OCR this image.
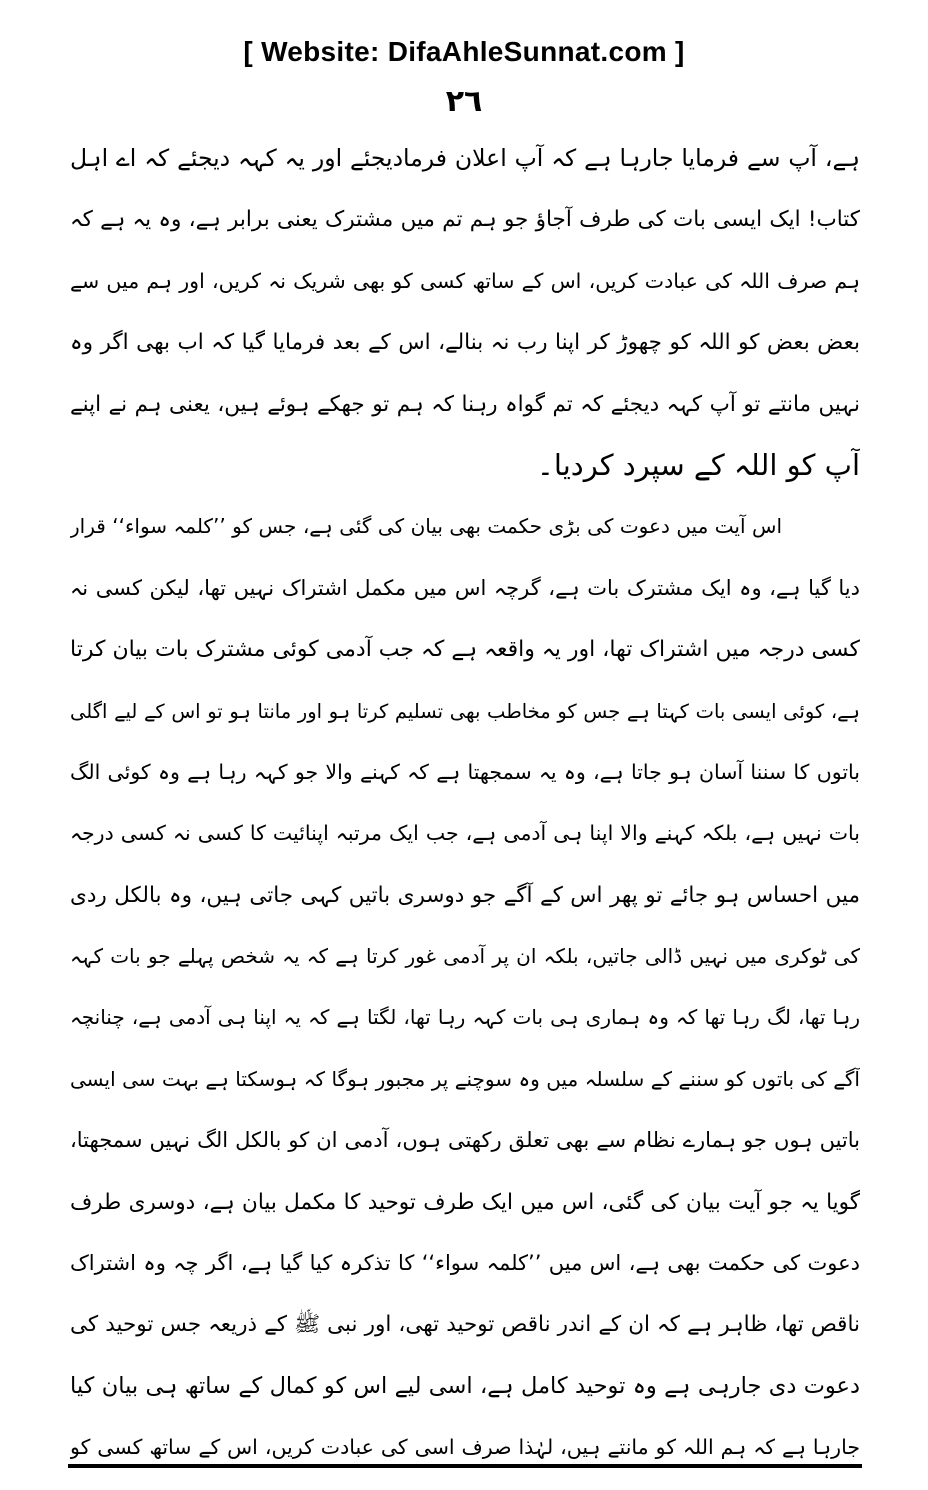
[ Website: DifaAhleSunnat.com ]
٢٦
ہے، آپ سے فرمایا جارہا ہے کہ آپ اعلان فرمادیجئے اور یہ کہہ دیجئے کہ اے اہل
کتاب! ایک ایسی بات کی طرف آجاؤ جو ہم تم میں مشترک یعنی برابر ہے، وہ یہ ہے کہ
ہم صرف اللہ کی عبادت کریں، اس کے ساتھ کسی کو بھی شریک نہ کریں، اور ہم میں سے
بعض بعض کو اللہ کو چھوڑ کر اپنا رب نہ بنالے، اس کے بعد فرمایا گیا کہ اب بھی اگر وہ
نہیں مانتے تو آپ کہہ دیجئے کہ تم گواہ رہنا کہ ہم تو جھکے ہوئے ہیں، یعنی ہم نے اپنے
آپ کو اللہ کے سپرد کردیا۔
اس آیت میں دعوت کی بڑی حکمت بھی بیان کی گئی ہے، جس کو ’’کلمہ سواء‘‘ قرار
دیا گیا ہے، وہ ایک مشترک بات ہے، گرچہ اس میں مکمل اشتراک نہیں تھا، لیکن کسی نہ
کسی درجہ میں اشتراک تھا، اور یہ واقعہ ہے کہ جب آدمی کوئی مشترک بات بیان کرتا
ہے، کوئی ایسی بات کہتا ہے جس کو مخاطب بھی تسلیم کرتا ہو اور مانتا ہو تو اس کے لیے اگلی
باتوں کا سننا آسان ہو جاتا ہے، وہ یہ سمجھتا ہے کہ کہنے والا جو کہہ رہا ہے وہ کوئی الگ
بات نہیں ہے، بلکہ کہنے والا اپنا ہی آدمی ہے، جب ایک مرتبہ اپنائیت کا کسی نہ کسی درجہ
میں احساس ہو جائے تو پھر اس کے آگے جو دوسری باتیں کہی جاتی ہیں، وہ بالکل ردی
کی ٹوکری میں نہیں ڈالی جاتیں، بلکہ ان پر آدمی غور کرتا ہے کہ یہ شخص پہلے جو بات کہہ
رہا تھا، لگ رہا تھا کہ وہ ہماری ہی بات کہہ رہا تھا، لگتا ہے کہ یہ اپنا ہی آدمی ہے، چنانچہ
آگے کی باتوں کو سننے کے سلسلہ میں وہ سوچنے پر مجبور ہوگا کہ ہوسکتا ہے بہت سی ایسی
باتیں ہوں جو ہمارے نظام سے بھی تعلق رکھتی ہوں، آدمی ان کو بالکل الگ نہیں سمجھتا،
گویا یہ جو آیت بیان کی گئی، اس میں ایک طرف توحید کا مکمل بیان ہے، دوسری طرف
دعوت کی حکمت بھی ہے، اس میں ’’کلمہ سواء‘‘ کا تذکرہ کیا گیا ہے، اگر چہ وہ اشتراک
ناقص تھا، ظاہر ہے کہ ان کے اندر ناقص توحید تھی، اور نبی ﷺ کے ذریعہ جس توحید کی
دعوت دی جارہی ہے وہ توحید کامل ہے، اسی لیے اس کو کمال کے ساتھ ہی بیان کیا
جارہا ہے کہ ہم اللہ کو مانتے ہیں، لہٰذا صرف اسی کی عبادت کریں، اس کے ساتھ کسی کو
